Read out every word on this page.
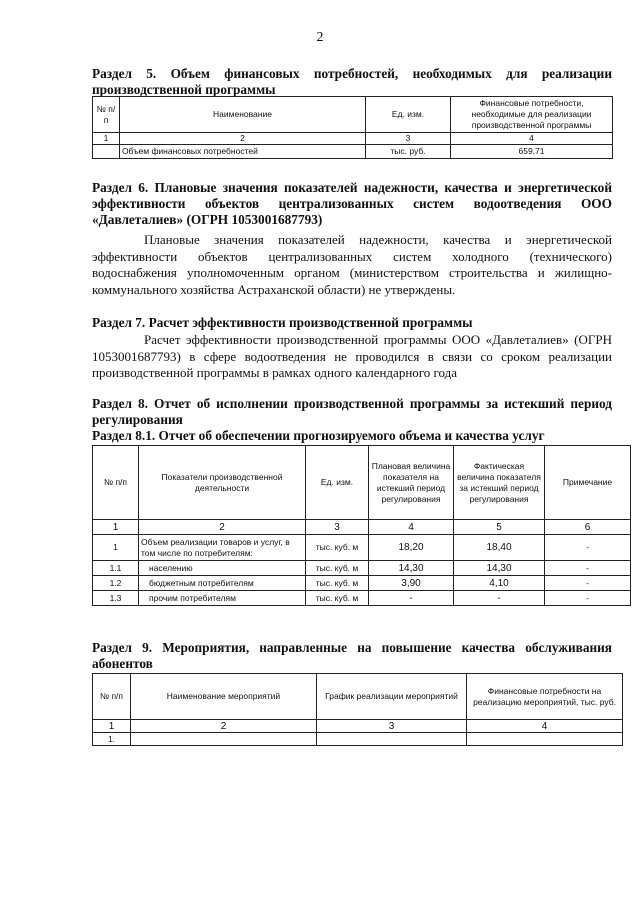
2
Раздел 5. Объем финансовых потребностей, необходимых для реализации производственной программы
№ п/п	Наименование	Ед. изм.	Финансовые потребности, необходимые для реализации производственной программы
1	2	3	4
	Объем финансовых потребностей	тыс. руб.	659,71
Раздел 6. Плановые значения показателей надежности, качества и энергетической эффективности объектов централизованных систем водоотведения ООО «Давлеталиев» (ОГРН 1053001687793)
Плановые значения показателей надежности, качества и энергетической эффективности объектов централизованных систем холодного (технического) водоснабжения уполномоченным органом (министерством строительства и жилищно-коммунального хозяйства Астраханской области) не утверждены.
Раздел 7. Расчет эффективности производственной программы
Расчет эффективности производственной программы ООО «Давлеталиев» (ОГРН 1053001687793) в сфере водоотведения не проводился в связи со сроком реализации производственной программы в рамках одного календарного года
Раздел 8. Отчет об исполнении производственной программы за истекший период регулирования
Раздел 8.1. Отчет об обеспечении прогнозируемого объема и качества услуг
№ п/п	Показатели производственной деятельности	Ед. изм.	Плановая величина показателя на истекший период регулирования	Фактическая величина показателя за истекший период регулирования	Примечание
1	2	3	4	5	6
1	Объем реализации товаров и услуг, в том числе по потребителям:	тыс. куб. м	18,20	18,40	-
1.1	населению	тыс. куб. м	14,30	14,30	-
1.2	бюджетным потребителям	тыс. куб. м	3,90	4,10	-
1.3	прочим потребителям	тыс. куб. м	-	-	-
Раздел 9. Мероприятия, направленные на повышение качества обслуживания абонентов
№ п/п	Наименование мероприятий	График реализации мероприятий	Финансовые потребности на реализацию мероприятий, тыс. руб.
1	2	3	4
1.			
